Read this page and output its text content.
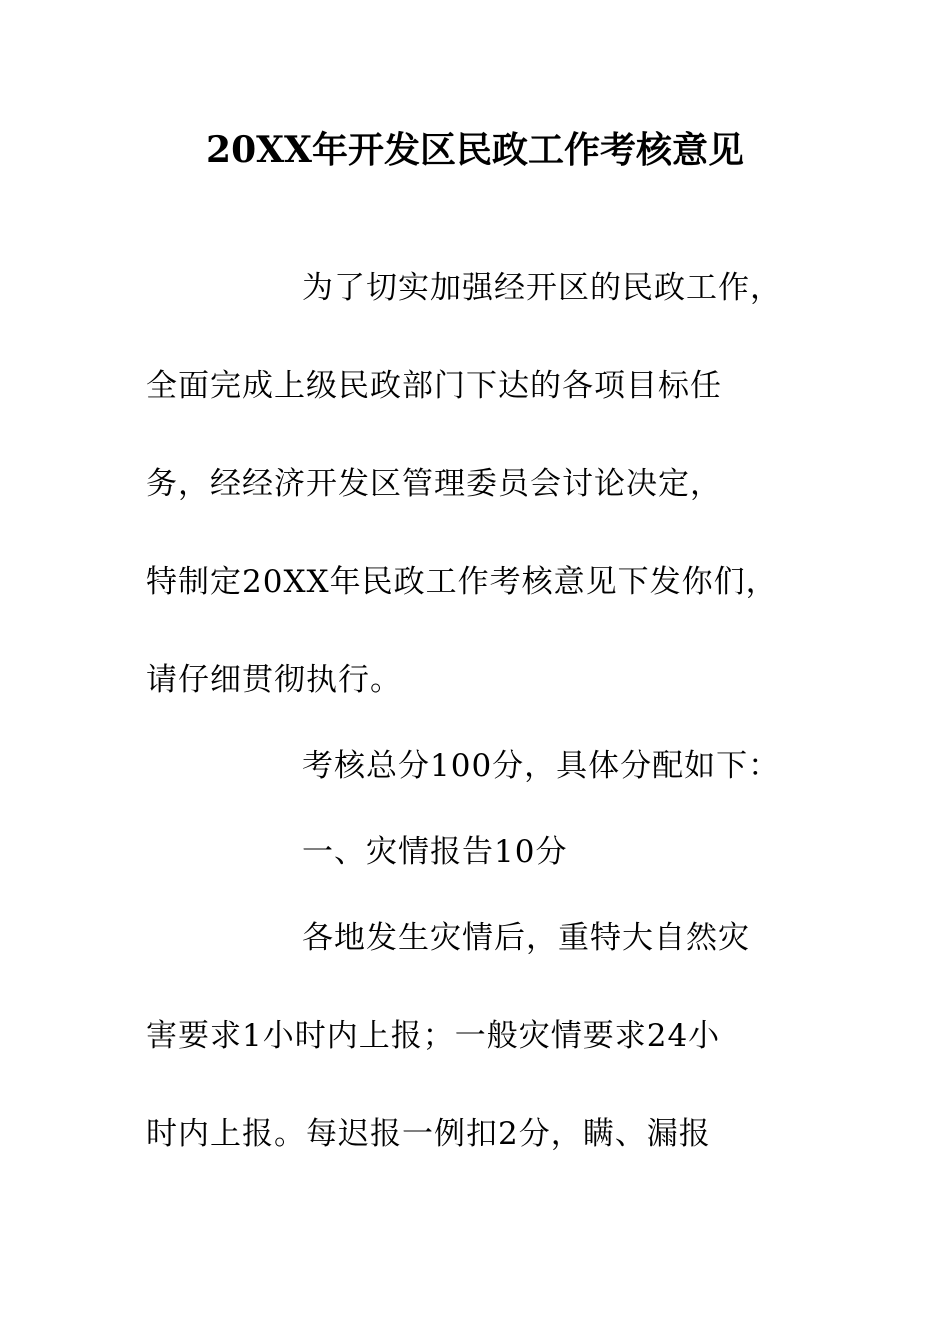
20XX年开发区民政工作考核意见
为了切实加强经开区的民政工作，
全面完成上级民政部门下达的各项目标任
务，经经济开发区管理委员会讨论决定，
特制定20XX年民政工作考核意见下发你们，
请仔细贯彻执行。
考核总分100分，具体分配如下：
一、灾情报告10分
各地发生灾情后，重特大自然灾
害要求1小时内上报；一般灾情要求24小
时内上报。每迟报一例扣2分，瞒、漏报
